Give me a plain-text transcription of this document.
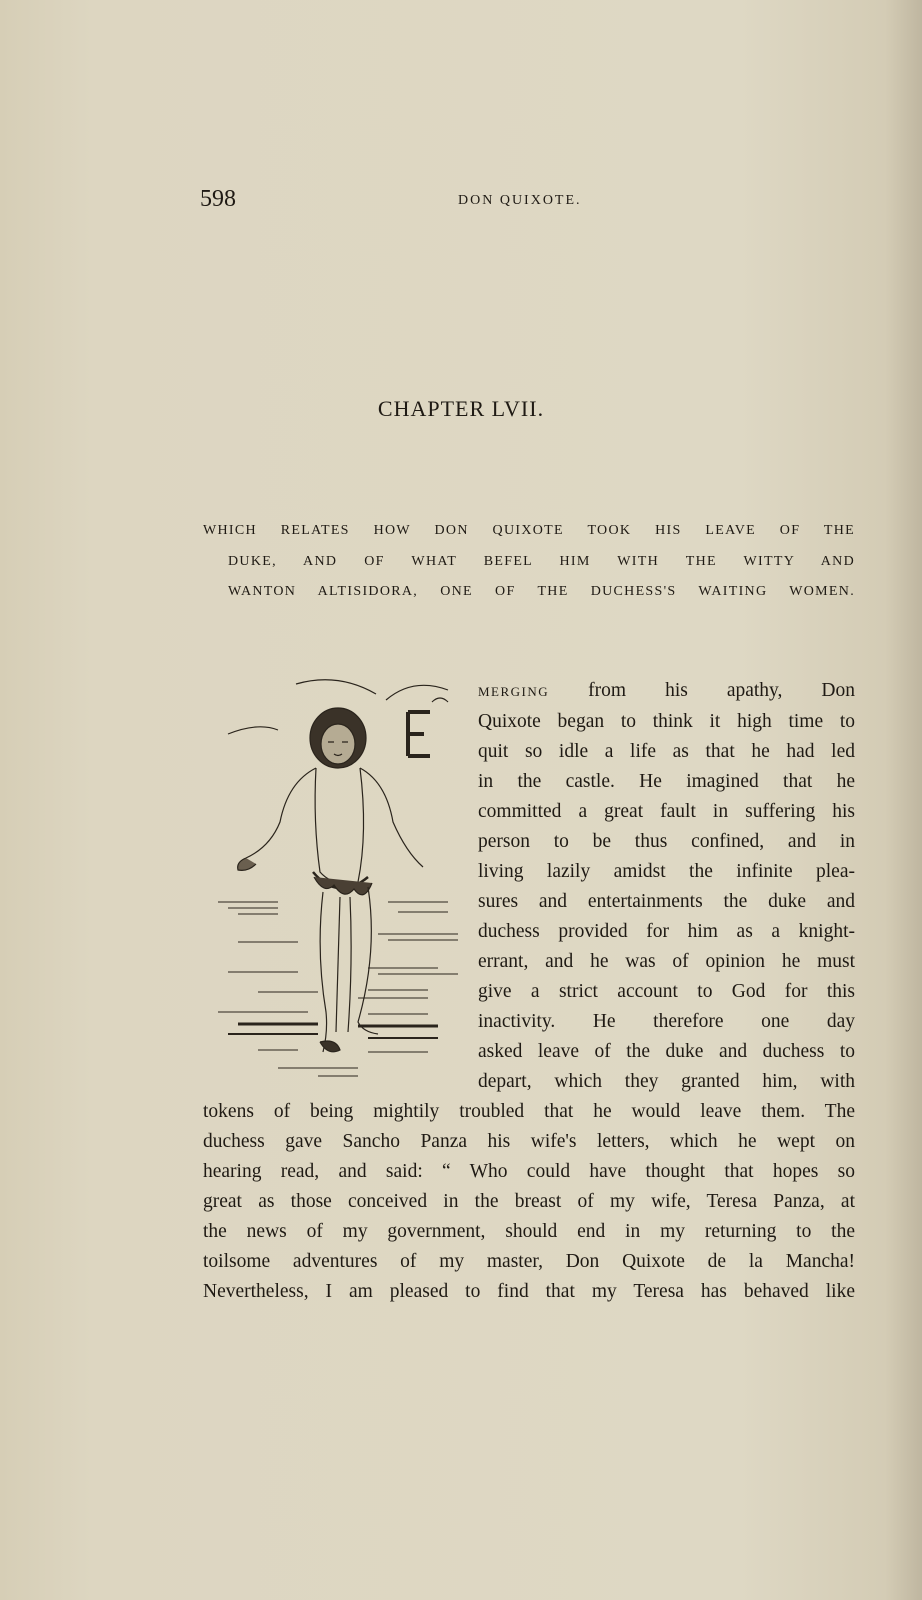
598	DON QUIXOTE.
CHAPTER LVII.
WHICH RELATES HOW DON QUIXOTE TOOK HIS LEAVE OF THE
DUKE, AND OF WHAT BEFEL HIM WITH THE WITTY AND
WANTON ALTISIDORA, ONE OF THE DUCHESS'S WAITING WOMEN.
MERGING from his apathy, Don
Quixote began to think it high time to
quit so idle a life as that he had led
in the castle. He imagined that he
committed a great fault in suffering his
person to be thus confined, and in
living lazily amidst the infinite plea-
sures and entertainments the duke and
duchess provided for him as a knight-
errant, and he was of opinion he must
give a strict account to God for this
inactivity. He therefore one day
asked leave of the duke and duchess to
depart, which they granted him, with
tokens of being mightily troubled that he would leave them. The
duchess gave Sancho Panza his wife's letters, which he wept on
hearing read, and said: “ Who could have thought that hopes so
great as those conceived in the breast of my wife, Teresa Panza, at
the news of my government, should end in my returning to the
toilsome adventures of my master, Don Quixote de la Mancha!
Nevertheless, I am pleased to find that my Teresa has behaved like
